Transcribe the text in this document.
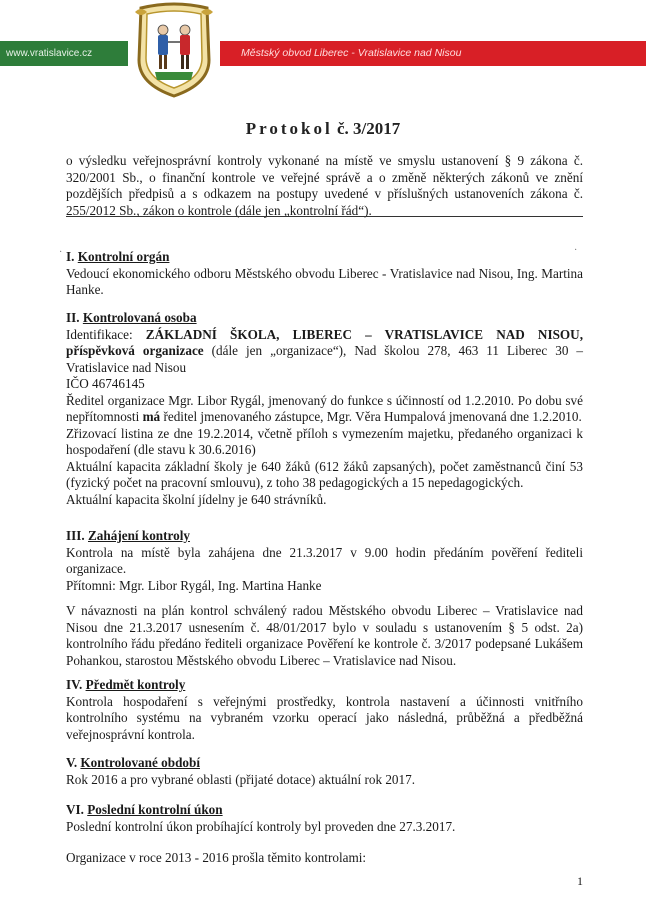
www.vratislavice.cz	Městský obvod Liberec - Vratislavice nad Nisou
Protokol č. 3/2017

o výsledku veřejnosprávní kontroly vykonané na místě ve smyslu ustanovení § 9 zákona č. 320/2001 Sb., o finanční kontrole ve veřejné správě a o změně některých zákonů ve znění pozdějších předpisů a s odkazem na postupy uvedené v příslušných ustanoveních zákona č. 255/2012 Sb., zákon o kontrole (dále jen „kontrolní řád“).

·	·

I. Kontrolní orgán

Vedoucí ekonomického odboru Městského obvodu Liberec - Vratislavice nad Nisou, Ing. Martina Hanke.

II. Kontrolovaná osoba

Identifikace: ZÁKLADNÍ ŠKOLA, LIBEREC – VRATISLAVICE NAD NISOU, příspěvková organizace (dále jen „organizace“), Nad školou 278, 463 11 Liberec 30 – Vratislavice nad Nisou

IČO 46746145

Ředitel organizace Mgr. Libor Rygál, jmenovaný do funkce s účinností od 1.2.2010. Po dobu své nepřítomnosti má ředitel jmenovaného zástupce, Mgr. Věra Humpalová jmenovaná dne 1.2.2010.

Zřizovací listina ze dne 19.2.2014, včetně příloh s vymezením majetku, předaného organizaci k hospodaření (dle stavu k 30.6.2016)

Aktuální kapacita základní školy je 640 žáků (612 žáků zapsaných), počet zaměstnanců činí 53 (fyzický počet na pracovní smlouvu), z toho 38 pedagogických a 15 nepedagogických.

Aktuální kapacita školní jídelny je 640 strávníků.

III. Zahájení kontroly

Kontrola na místě byla zahájena dne 21.3.2017 v 9.00 hodin předáním pověření řediteli organizace.

Přítomni: Mgr. Libor Rygál, Ing. Martina Hanke

V návaznosti na plán kontrol schválený radou Městského obvodu Liberec – Vratislavice nad Nisou dne 21.3.2017 usnesením č. 48/01/2017 bylo v souladu s ustanovením § 5 odst. 2a) kontrolního řádu předáno řediteli organizace Pověření ke kontrole č. 3/2017 podepsané Lukášem Pohankou, starostou Městského obvodu Liberec – Vratislavice nad Nisou.

IV. Předmět kontroly

Kontrola hospodaření s veřejnými prostředky, kontrola nastavení a účinnosti vnitřního kontrolního systému na vybraném vzorku operací jako následná, průběžná a předběžná veřejnosprávní kontrola.

V. Kontrolované období

Rok 2016 a pro vybrané oblasti (přijaté dotace) aktuální rok 2017.

VI. Poslední kontrolní úkon

Poslední kontrolní úkon probíhající kontroly byl proveden dne 27.3.2017.

Organizace v roce 2013 - 2016 prošla těmito kontrolami:

1
